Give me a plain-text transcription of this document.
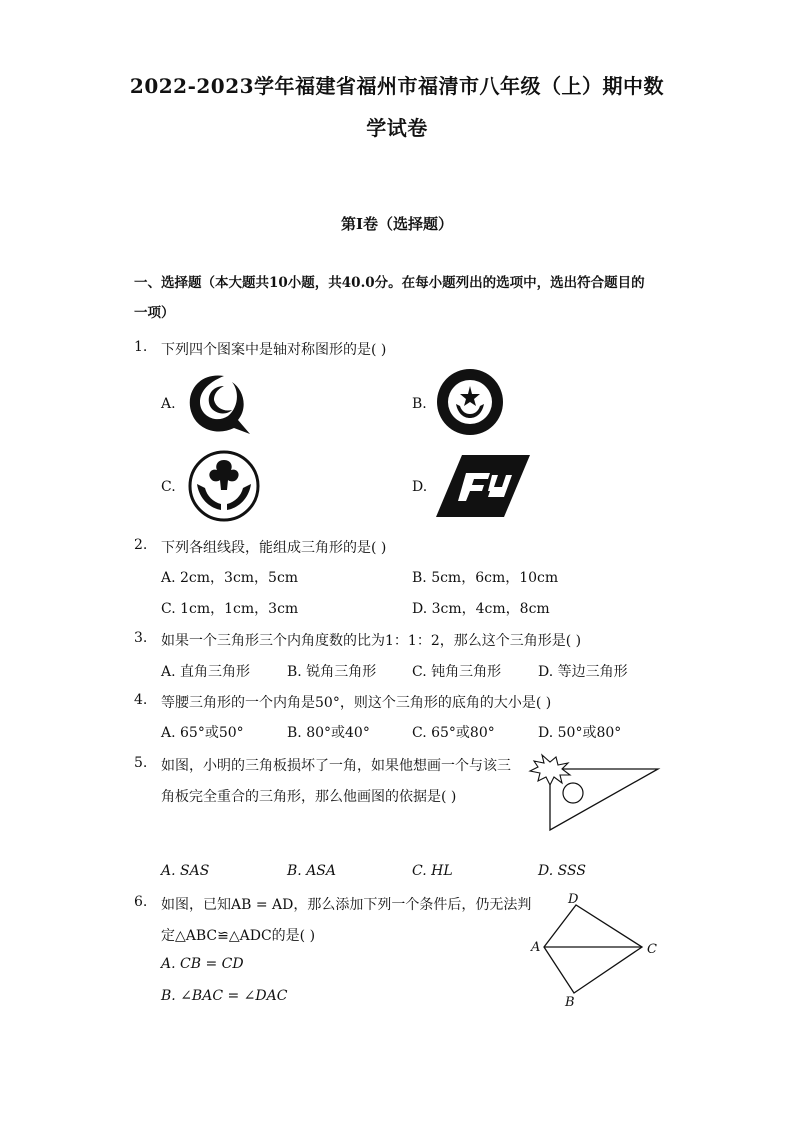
2022-2023学年福建省福州市福清市八年级（上）期中数
学试卷
第I卷（选择题）
一、选择题（本大题共10小题，共40.0分。在每小题列出的选项中，选出符合题目的
一项）
1. 下列四个图案中是轴对称图形的是( )
A.	B.
C.	D.
2. 下列各组线段，能组成三角形的是( )
A. 2cm，3cm，5cm	B. 5cm，6cm，10cm
C. 1cm，1cm，3cm	D. 3cm，4cm，8cm
3. 如果一个三角形三个内角度数的比为1：1：2，那么这个三角形是( )
A. 直角三角形	B. 锐角三角形	C. 钝角三角形	D. 等边三角形
4. 等腰三角形的一个内角是50°，则这个三角形的底角的大小是( )
A. 65°或50°	B. 80°或40°	C. 65°或80°	D. 50°或80°
5. 如图，小明的三角板损坏了一角，如果他想画一个与该三
角板完全重合的三角形，那么他画图的依据是( )
A. SAS	B. ASA	C. HL	D. SSS
6. 如图，已知AB = AD，那么添加下列一个条件后，仍无法判
定△ABC≌△ADC的是( )
A. CB = CD
B. ∠BAC = ∠DAC
D
A	C
B
